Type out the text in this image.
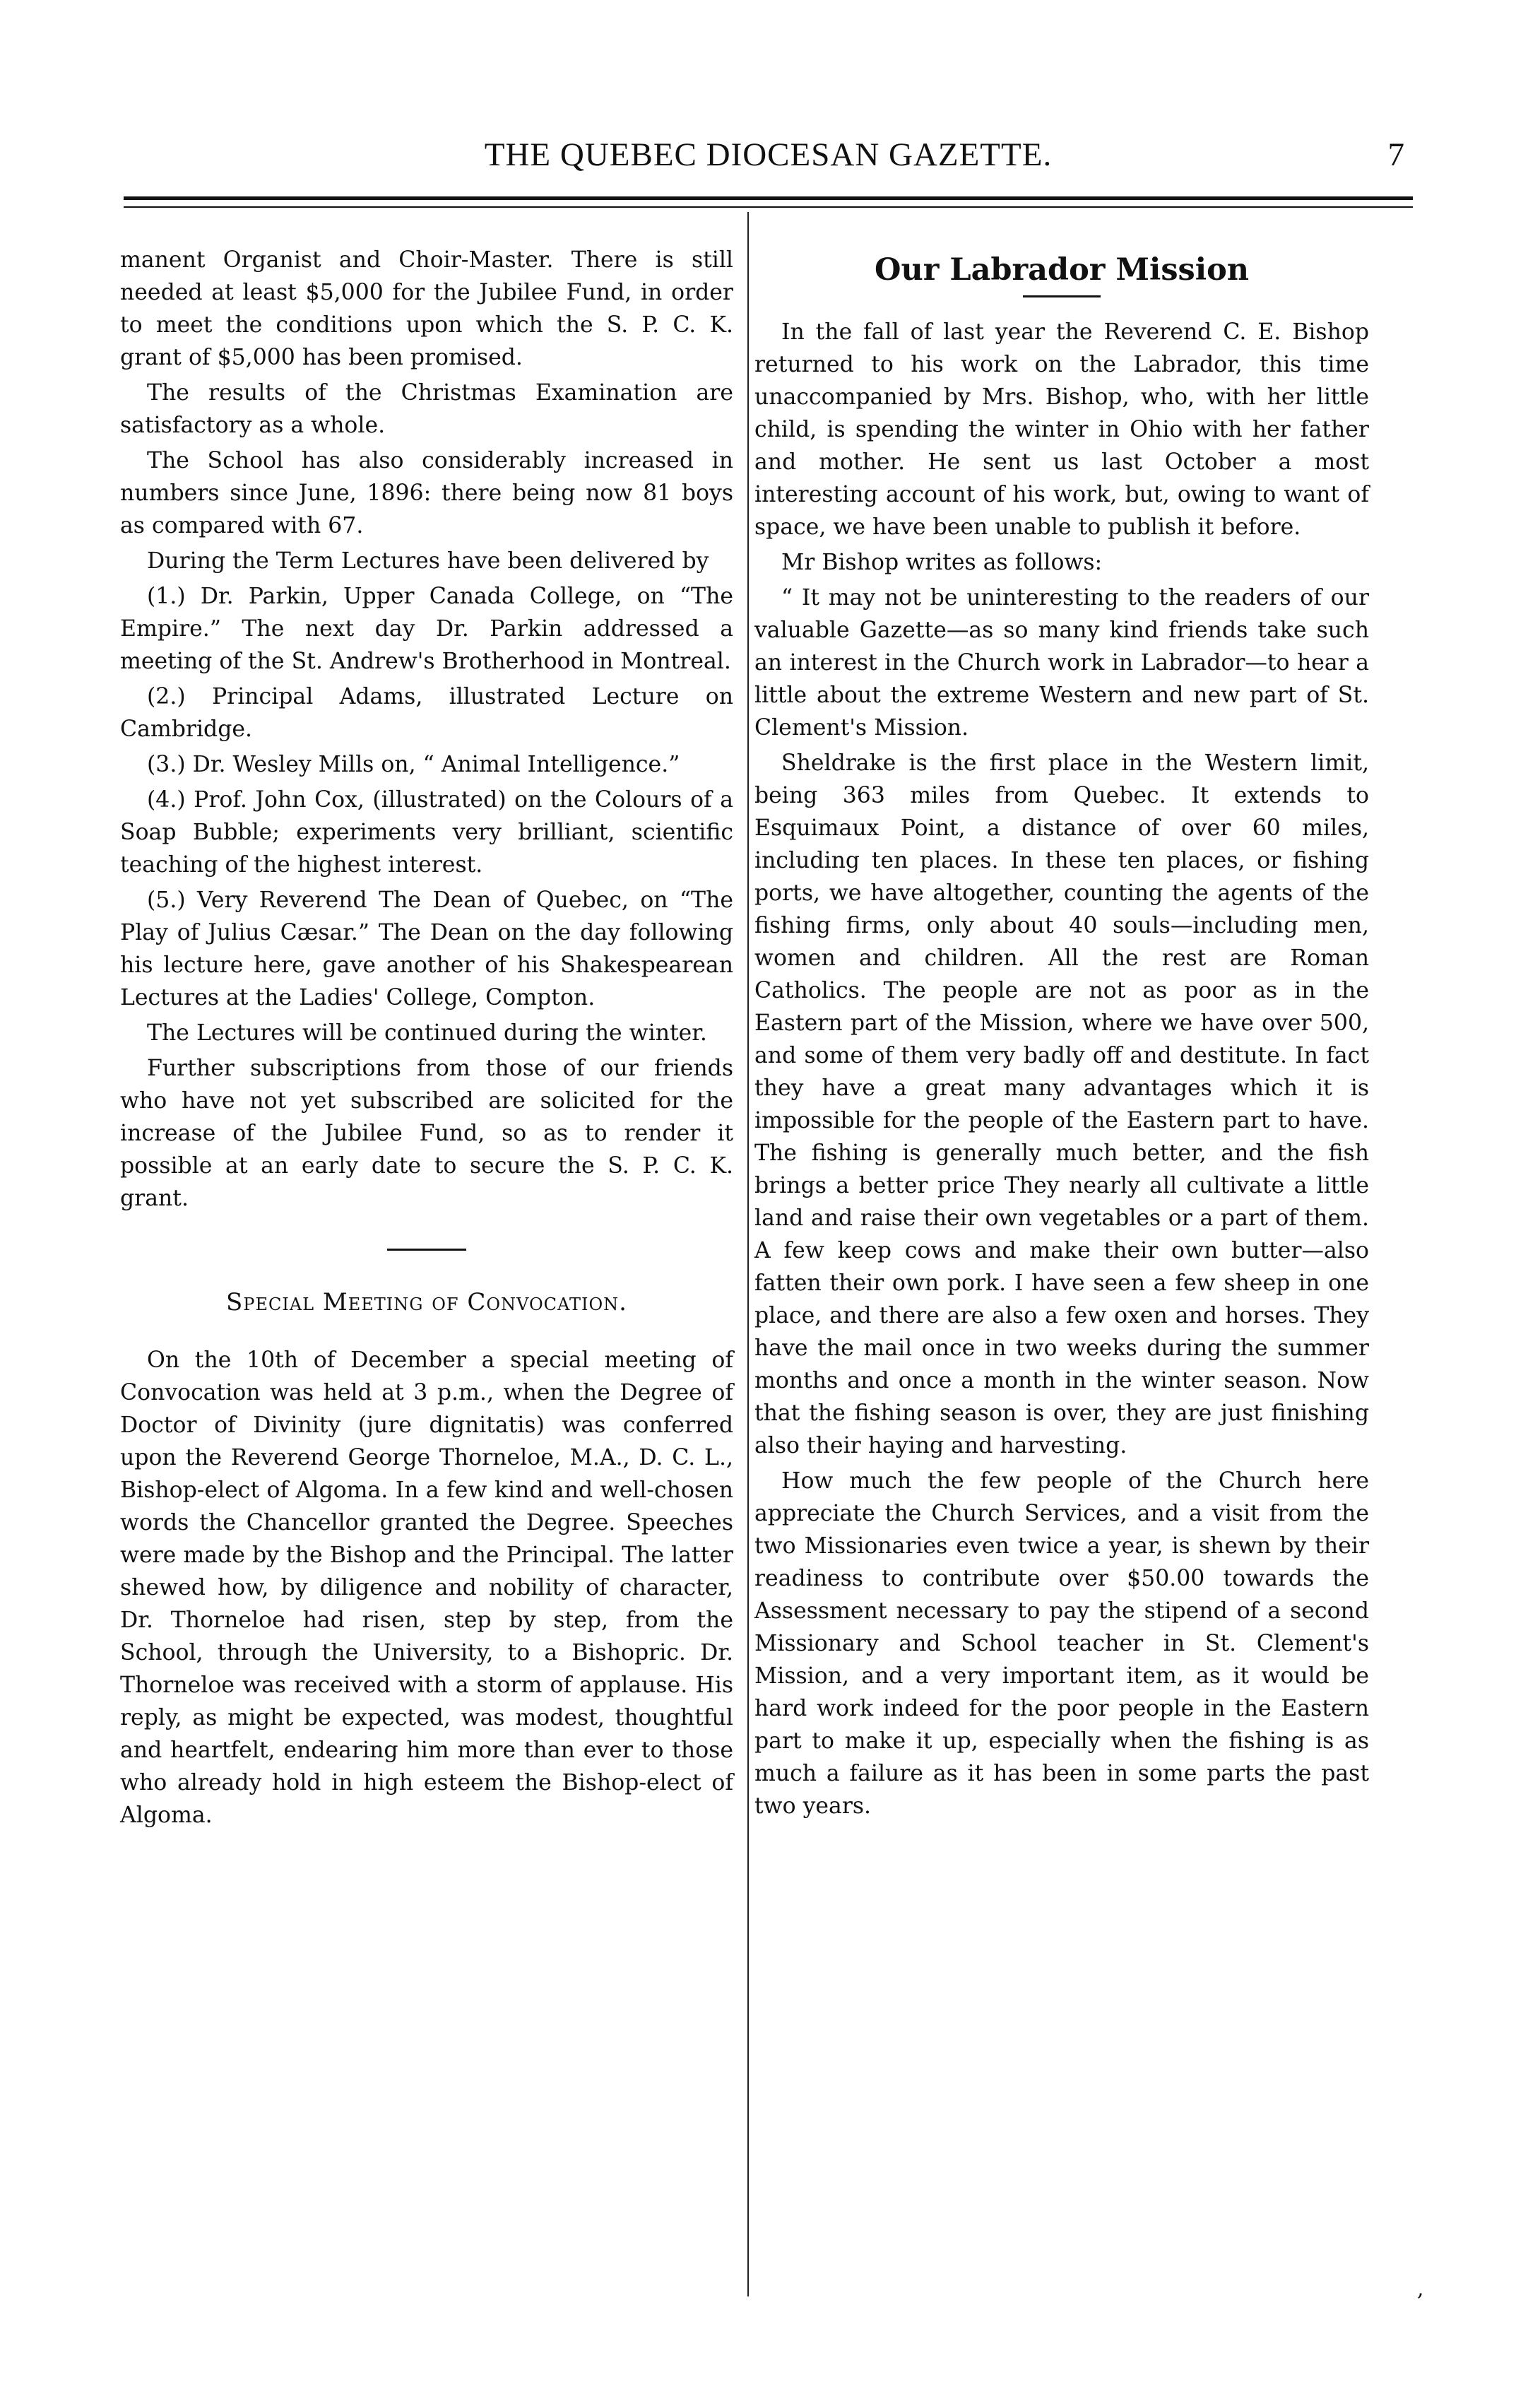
THE QUEBEC DIOCESAN GAZETTE.	7

manent Organist and Choir-Master. There is still needed at least $5,000 for the Jubilee Fund, in order to meet the conditions upon which the S. P. C. K. grant of $5,000 has been promised.

The results of the Christmas Examination are satisfactory as a whole.

The School has also considerably increased in numbers since June, 1896: there being now 81 boys as compared with 67.

During the Term Lectures have been delivered by

(1.) Dr. Parkin, Upper Canada College, on “The Empire.” The next day Dr. Parkin addressed a meeting of the St. Andrew's Brotherhood in Montreal.

(2.) Principal Adams, illustrated Lecture on Cambridge.

(3.) Dr. Wesley Mills on, “ Animal Intelligence.”

(4.) Prof. John Cox, (illustrated) on the Colours of a Soap Bubble; experiments very brilliant, scientific teaching of the highest interest.

(5.) Very Reverend The Dean of Quebec, on “The Play of Julius Cæsar.” The Dean on the day following his lecture here, gave another of his Shakespearean Lectures at the Ladies' College, Compton.

The Lectures will be continued during the winter.

Further subscriptions from those of our friends who have not yet subscribed are solicited for the increase of the Jubilee Fund, so as to render it possible at an early date to secure the S. P. C. K. grant.

Special Meeting of Convocation.

On the 10th of December a special meeting of Convocation was held at 3 p.m., when the Degree of Doctor of Divinity (jure dignitatis) was conferred upon the Reverend George Thorneloe, M.A., D. C. L., Bishop-elect of Algoma. In a few kind and well-chosen words the Chancellor granted the Degree. Speeches were made by the Bishop and the Principal. The latter shewed how, by diligence and nobility of character, Dr. Thorneloe had risen, step by step, from the School, through the University, to a Bishopric. Dr. Thorneloe was received with a storm of applause. His reply, as might be expected, was modest, thoughtful and heartfelt, endearing him more than ever to those who already hold in high esteem the Bishop-elect of Algoma.

Our Labrador Mission

In the fall of last year the Reverend C. E. Bishop returned to his work on the Labrador, this time unaccompanied by Mrs. Bishop, who, with her little child, is spending the winter in Ohio with her father and mother. He sent us last October a most interesting account of his work, but, owing to want of space, we have been unable to publish it before.

Mr Bishop writes as follows:

“ It may not be uninteresting to the readers of our valuable Gazette—as so many kind friends take such an interest in the Church work in Labrador—to hear a little about the extreme Western and new part of St. Clement's Mission.

Sheldrake is the first place in the Western limit, being 363 miles from Quebec. It extends to Esquimaux Point, a distance of over 60 miles, including ten places. In these ten places, or fishing ports, we have altogether, counting the agents of the fishing firms, only about 40 souls—including men, women and children. All the rest are Roman Catholics. The people are not as poor as in the Eastern part of the Mission, where we have over 500, and some of them very badly off and destitute. In fact they have a great many advantages which it is impossible for the people of the Eastern part to have. The fishing is generally much better, and the fish brings a better price They nearly all cultivate a little land and raise their own vegetables or a part of them. A few keep cows and make their own butter—also fatten their own pork. I have seen a few sheep in one place, and there are also a few oxen and horses. They have the mail once in two weeks during the summer months and once a month in the winter season. Now that the fishing season is over, they are just finishing also their haying and harvesting.

How much the few people of the Church here appreciate the Church Services, and a visit from the two Missionaries even twice a year, is shewn by their readiness to contribute over $50.00 towards the Assessment necessary to pay the stipend of a second Missionary and School teacher in St. Clement's Mission, and a very important item, as it would be hard work indeed for the poor people in the Eastern part to make it up, especially when the fishing is as much a failure as it has been in some parts the past two years.

,
